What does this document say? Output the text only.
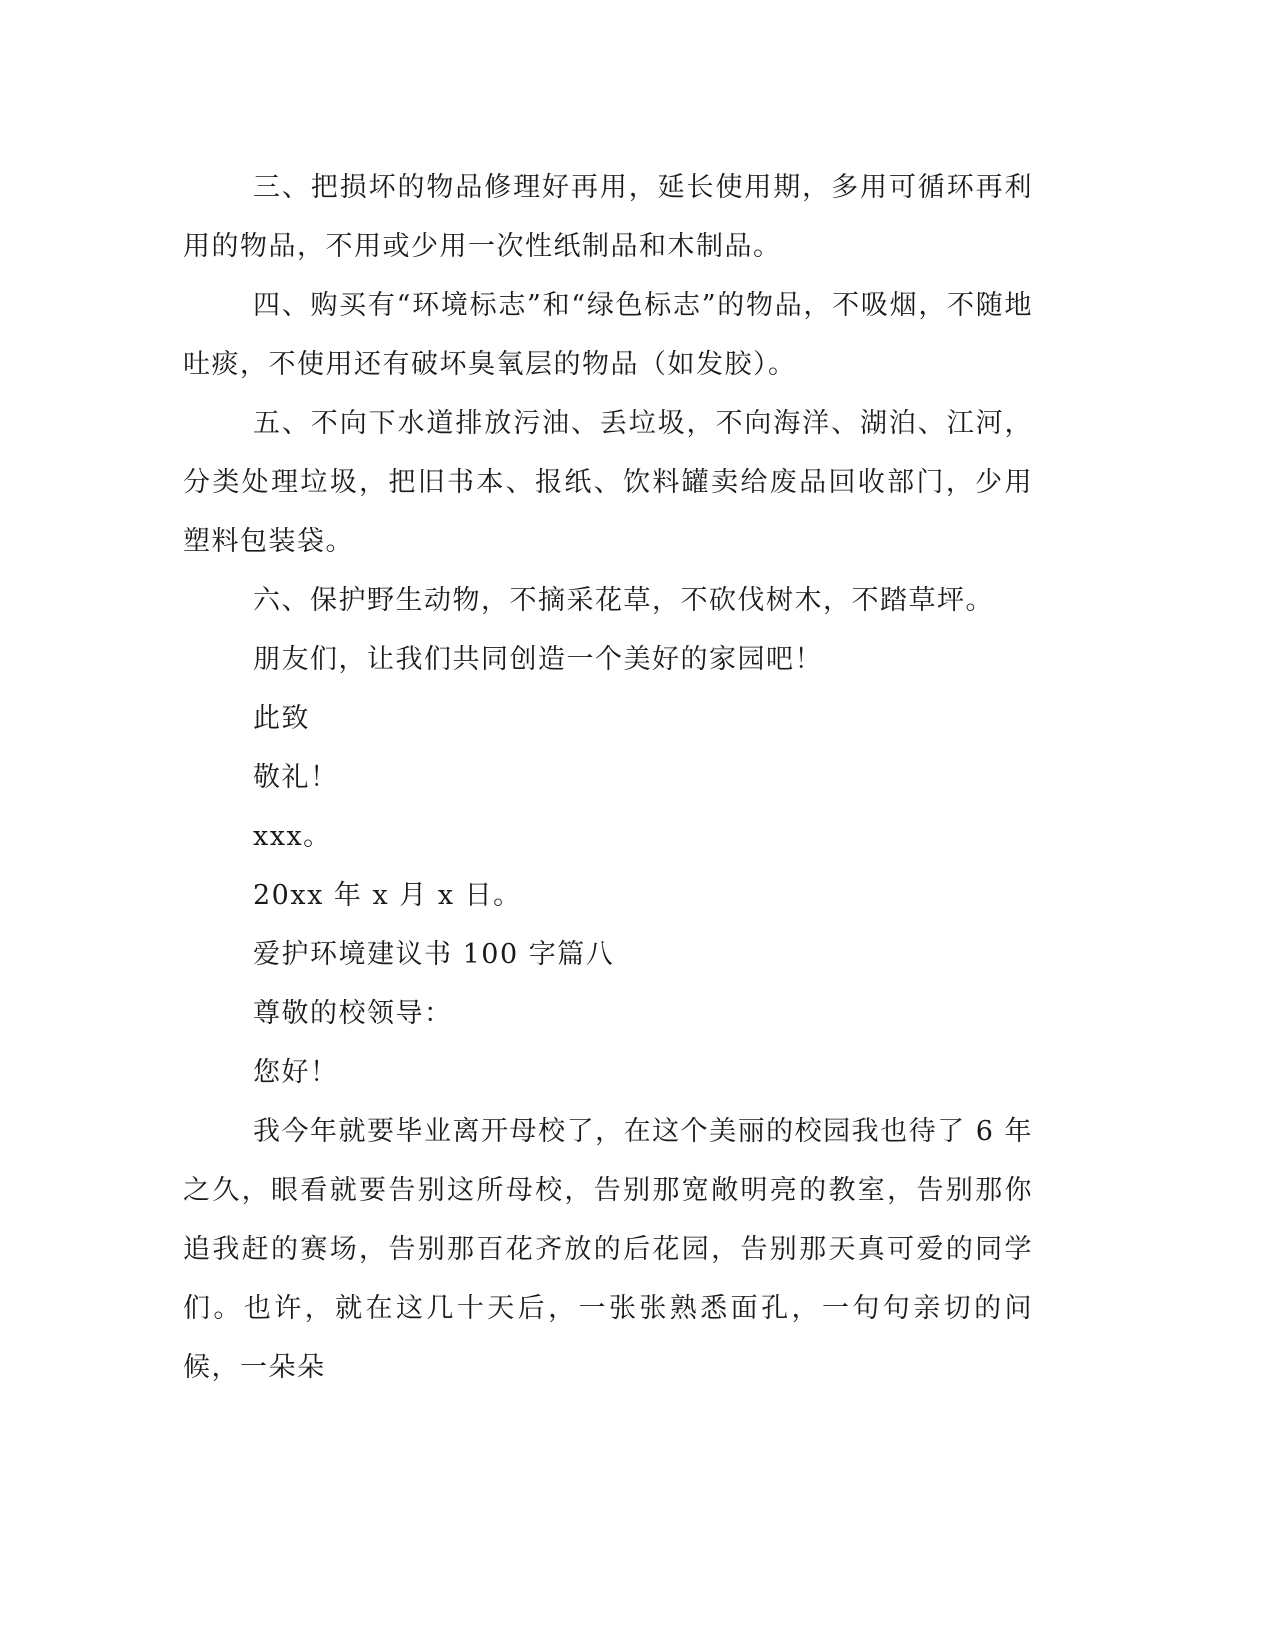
三、把损坏的物品修理好再用，延长使用期，多用可循环再利用的物品，不用或少用一次性纸制品和木制品。

四、购买有“环境标志”和“绿色标志”的物品，不吸烟，不随地吐痰，不使用还有破坏臭氧层的物品（如发胶）。

五、不向下水道排放污油、丢垃圾，不向海洋、湖泊、江河，分类处理垃圾，把旧书本、报纸、饮料罐卖给废品回收部门，少用塑料包装袋。

六、保护野生动物，不摘采花草，不砍伐树木，不踏草坪。

朋友们，让我们共同创造一个美好的家园吧！

此致

敬礼！

xxx。

20xx 年 x 月 x 日。

爱护环境建议书 100 字篇八

尊敬的校领导：

您好！

我今年就要毕业离开母校了，在这个美丽的校园我也待了 6 年之久，眼看就要告别这所母校，告别那宽敞明亮的教室，告别那你追我赶的赛场，告别那百花齐放的后花园，告别那天真可爱的同学们。也许，就在这几十天后，一张张熟悉面孔，一句句亲切的问候，一朵朵
